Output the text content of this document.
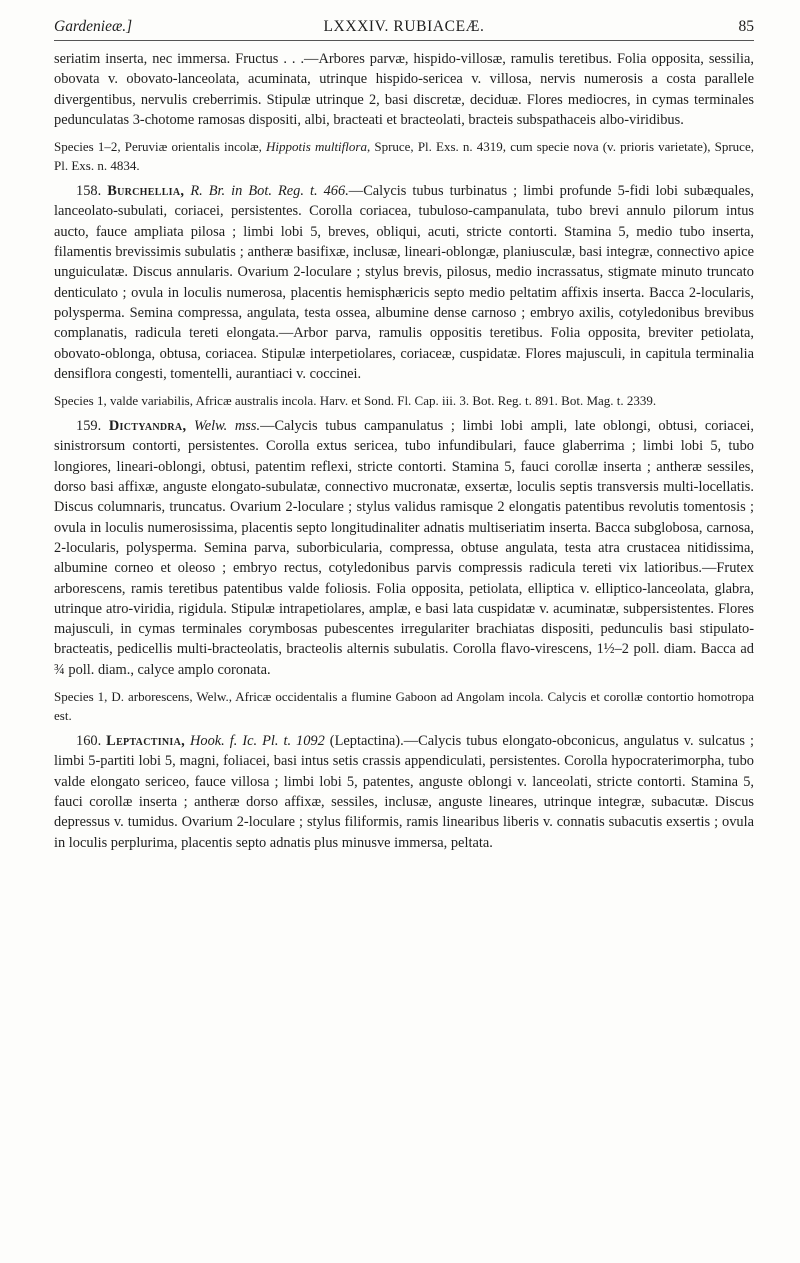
Gardenieæ.]	LXXXIV. RUBIACEÆ.	85

seriatim inserta, nec immersa. Fructus . . .—Arbores parvæ, hispido-villosæ, ramulis teretibus. Folia opposita, sessilia, obovata v. obovato-lanceolata, acuminata, utrinque hispido-sericea v. villosa, nervis numerosis a costa parallele divergentibus, nervulis creberrimis. Stipulæ utrinque 2, basi discretæ, deciduæ. Flores mediocres, in cymas terminales pedunculatas 3-chotome ramosas dispositi, albi, bracteati et bracteolati, bracteis subspathaceis albo-viridibus.

Species 1–2, Peruviæ orientalis incolæ, Hippotis multiflora, Spruce, Pl. Exs. n. 4319, cum specie nova (v. prioris varietate), Spruce, Pl. Exs. n. 4834.

158. Burchellia, R. Br. in Bot. Reg. t. 466.—Calycis tubus turbinatus ; limbi profunde 5-fidi lobi subæquales, lanceolato-subulati, coriacei, persistentes. Corolla coriacea, tubuloso-campanulata, tubo brevi annulo pilorum intus aucto, fauce ampliata pilosa ; limbi lobi 5, breves, obliqui, acuti, stricte contorti. Stamina 5, medio tubo inserta, filamentis brevissimis subulatis ; antheræ basifixæ, inclusæ, lineari-oblongæ, planiusculæ, basi integræ, connectivo apice unguiculatæ. Discus annularis. Ovarium 2-loculare ; stylus brevis, pilosus, medio incrassatus, stigmate minuto truncato denticulato ; ovula in loculis numerosa, placentis hemisphæricis septo medio peltatim affixis inserta. Bacca 2-locularis, polysperma. Semina compressa, angulata, testa ossea, albumine dense carnoso ; embryo axilis, cotyledonibus brevibus complanatis, radicula tereti elongata.—Arbor parva, ramulis oppositis teretibus. Folia opposita, breviter petiolata, obovato-oblonga, obtusa, coriacea. Stipulæ interpetiolares, coriaceæ, cuspidatæ. Flores majusculi, in capitula terminalia densiflora congesti, tomentelli, aurantiaci v. coccinei.

Species 1, valde variabilis, Africæ australis incola. Harv. et Sond. Fl. Cap. iii. 3. Bot. Reg. t. 891. Bot. Mag. t. 2339.

159. Dictyandra, Welw. mss.—Calycis tubus campanulatus ; limbi lobi ampli, late oblongi, obtusi, coriacei, sinistrorsum contorti, persistentes. Corolla extus sericea, tubo infundibulari, fauce glaberrima ; limbi lobi 5, tubo longiores, lineari-oblongi, obtusi, patentim reflexi, stricte contorti. Stamina 5, fauci corollæ inserta ; antheræ sessiles, dorso basi affixæ, anguste elongato-subulatæ, connectivo mucronatæ, exsertæ, loculis septis transversis multi-locellatis. Discus columnaris, truncatus. Ovarium 2-loculare ; stylus validus ramisque 2 elongatis patentibus revolutis tomentosis ; ovula in loculis numerosissima, placentis septo longitudinaliter adnatis multiseriatim inserta. Bacca subglobosa, carnosa, 2-locularis, polysperma. Semina parva, suborbicularia, compressa, obtuse angulata, testa atra crustacea nitidissima, albumine corneo et oleoso ; embryo rectus, cotyledonibus parvis compressis radicula tereti vix latioribus.—Frutex arborescens, ramis teretibus patentibus valde foliosis. Folia opposita, petiolata, elliptica v. elliptico-lanceolata, glabra, utrinque atro-viridia, rigidula. Stipulæ intrapetiolares, amplæ, e basi lata cuspidatæ v. acuminatæ, subpersistentes. Flores majusculi, in cymas terminales corymbosas pubescentes irregulariter brachiatas dispositi, pedunculis basi stipulato-bracteatis, pedicellis multi-bracteolatis, bracteolis alternis subulatis. Corolla flavo-virescens, 1½–2 poll. diam. Bacca ad ¾ poll. diam., calyce amplo coronata.

Species 1, D. arborescens, Welw., Africæ occidentalis a flumine Gaboon ad Angolam incola. Calycis et corollæ contortio homotropa est.

160. Leptactinia, Hook. f. Ic. Pl. t. 1092 (Leptactina).—Calycis tubus elongato-obconicus, angulatus v. sulcatus ; limbi 5-partiti lobi 5, magni, foliacei, basi intus setis crassis appendiculati, persistentes. Corolla hypocraterimorpha, tubo valde elongato sericeo, fauce villosa ; limbi lobi 5, patentes, anguste oblongi v. lanceolati, stricte contorti. Stamina 5, fauci corollæ inserta ; antheræ dorso affixæ, sessiles, inclusæ, anguste lineares, utrinque integræ, subacutæ. Discus depressus v. tumidus. Ovarium 2-loculare ; stylus filiformis, ramis linearibus liberis v. connatis subacutis exsertis ; ovula in loculis perplurima, placentis septo adnatis plus minusve immersa, peltata.
